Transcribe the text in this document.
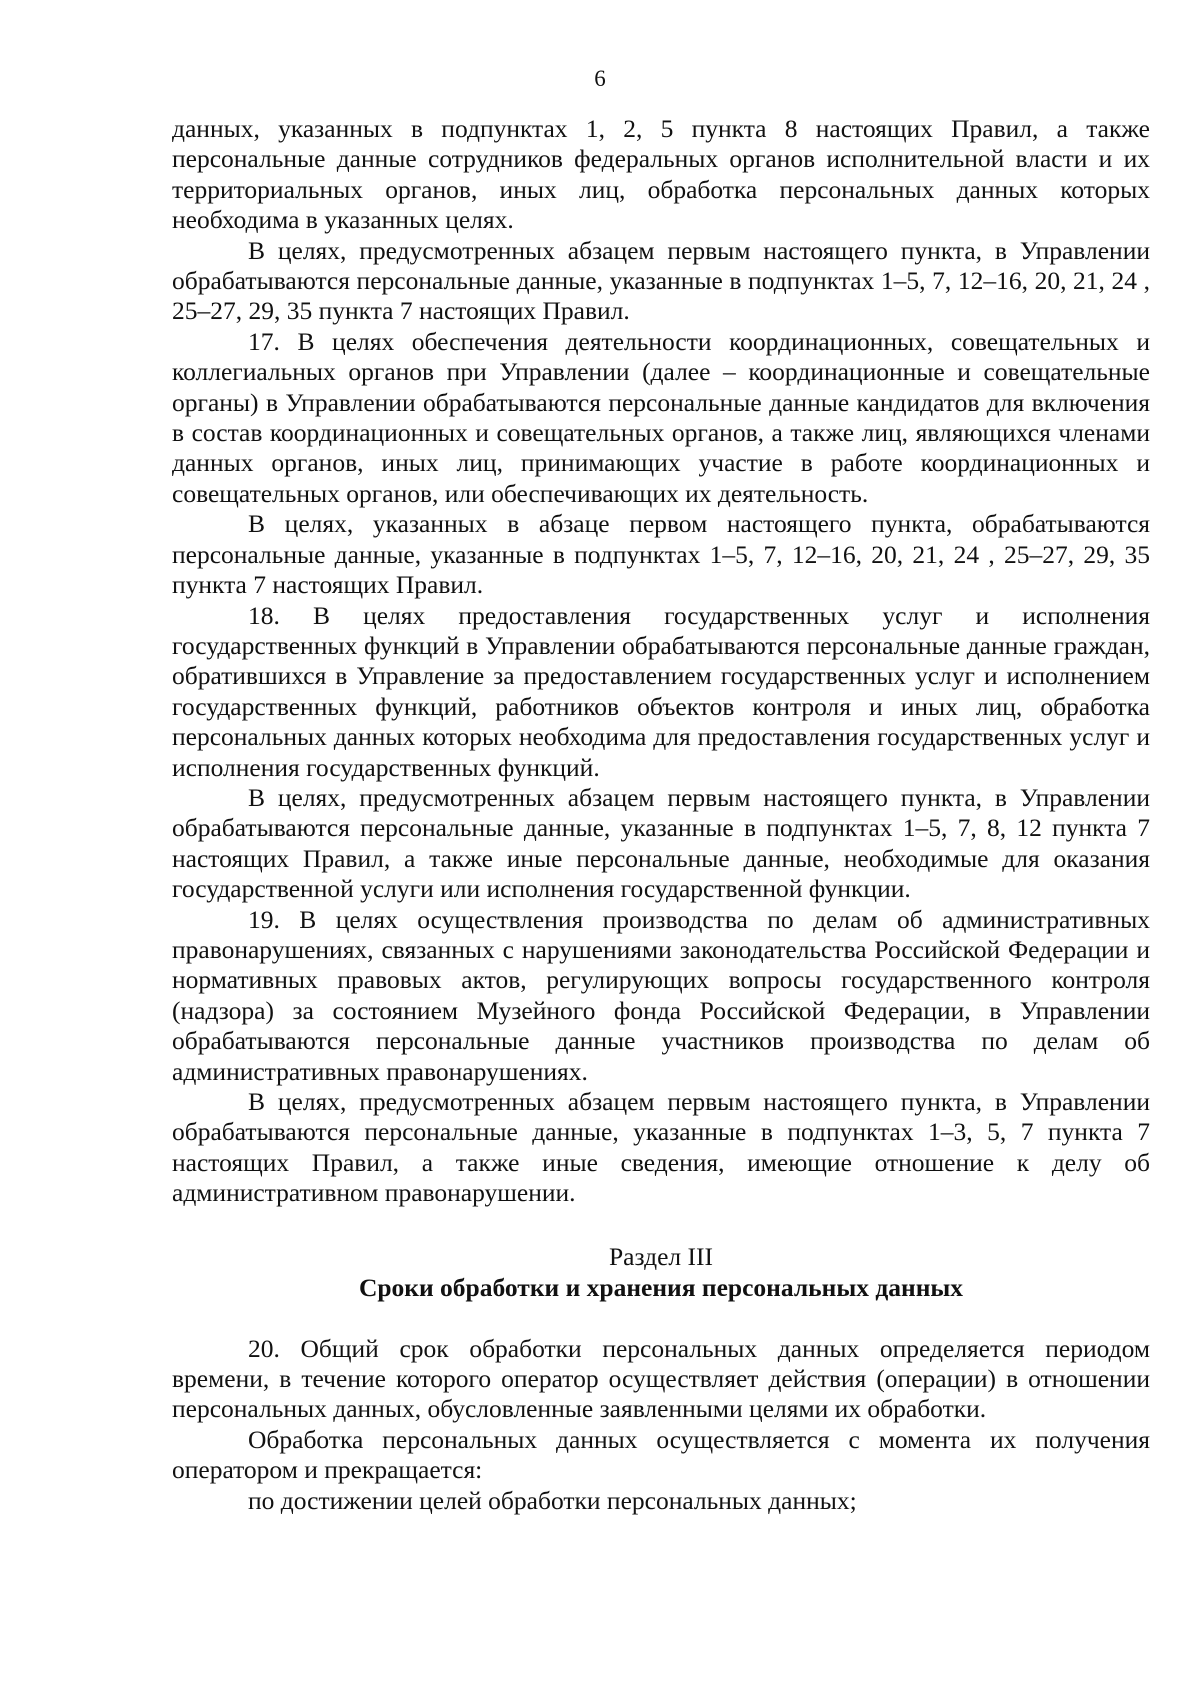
6

данных, указанных в подпунктах 1, 2, 5 пункта 8 настоящих Правил, а также персональные данные сотрудников федеральных органов исполнительной власти и их территориальных органов, иных лиц, обработка персональных данных которых необходима в указанных целях.

В целях, предусмотренных абзацем первым настоящего пункта, в Управлении обрабатываются персональные данные, указанные в подпунктах 1–5, 7, 12–16, 20, 21, 24 , 25–27, 29, 35 пункта 7 настоящих Правил.

17. В целях обеспечения деятельности координационных, совещательных и коллегиальных органов при Управлении (далее – координационные и совещательные органы) в Управлении обрабатываются персональные данные кандидатов для включения в состав координационных и совещательных органов, а также лиц, являющихся членами данных органов, иных лиц, принимающих участие в работе координационных и совещательных органов, или обеспечивающих их деятельность.

В целях, указанных в абзаце первом настоящего пункта, обрабатываются персональные данные, указанные в подпунктах 1–5, 7, 12–16, 20, 21, 24 , 25–27, 29, 35 пункта 7 настоящих Правил.

18. В целях предоставления государственных услуг и исполнения государственных функций в Управлении обрабатываются персональные данные граждан, обратившихся в Управление за предоставлением государственных услуг и исполнением государственных функций, работников объектов контроля и иных лиц, обработка персональных данных которых необходима для предоставления государственных услуг и исполнения государственных функций.

В целях, предусмотренных абзацем первым настоящего пункта, в Управлении обрабатываются персональные данные, указанные в подпунктах 1–5, 7, 8, 12 пункта 7 настоящих Правил, а также иные персональные данные, необходимые для оказания государственной услуги или исполнения государственной функции.

19. В целях осуществления производства по делам об административных правонарушениях, связанных с нарушениями законодательства Российской Федерации и нормативных правовых актов, регулирующих вопросы государственного контроля (надзора) за состоянием Музейного фонда Российской Федерации, в Управлении обрабатываются персональные данные участников производства по делам об административных правонарушениях.

В целях, предусмотренных абзацем первым настоящего пункта, в Управлении обрабатываются персональные данные, указанные в подпунктах 1–3, 5, 7 пункта 7 настоящих Правил, а также иные сведения, имеющие отношение к делу об административном правонарушении.

Раздел III
Сроки обработки и хранения персональных данных

20. Общий срок обработки персональных данных определяется периодом времени, в течение которого оператор осуществляет действия (операции) в отношении персональных данных, обусловленные заявленными целями их обработки.

Обработка персональных данных осуществляется с момента их получения оператором и прекращается:

по достижении целей обработки персональных данных;
